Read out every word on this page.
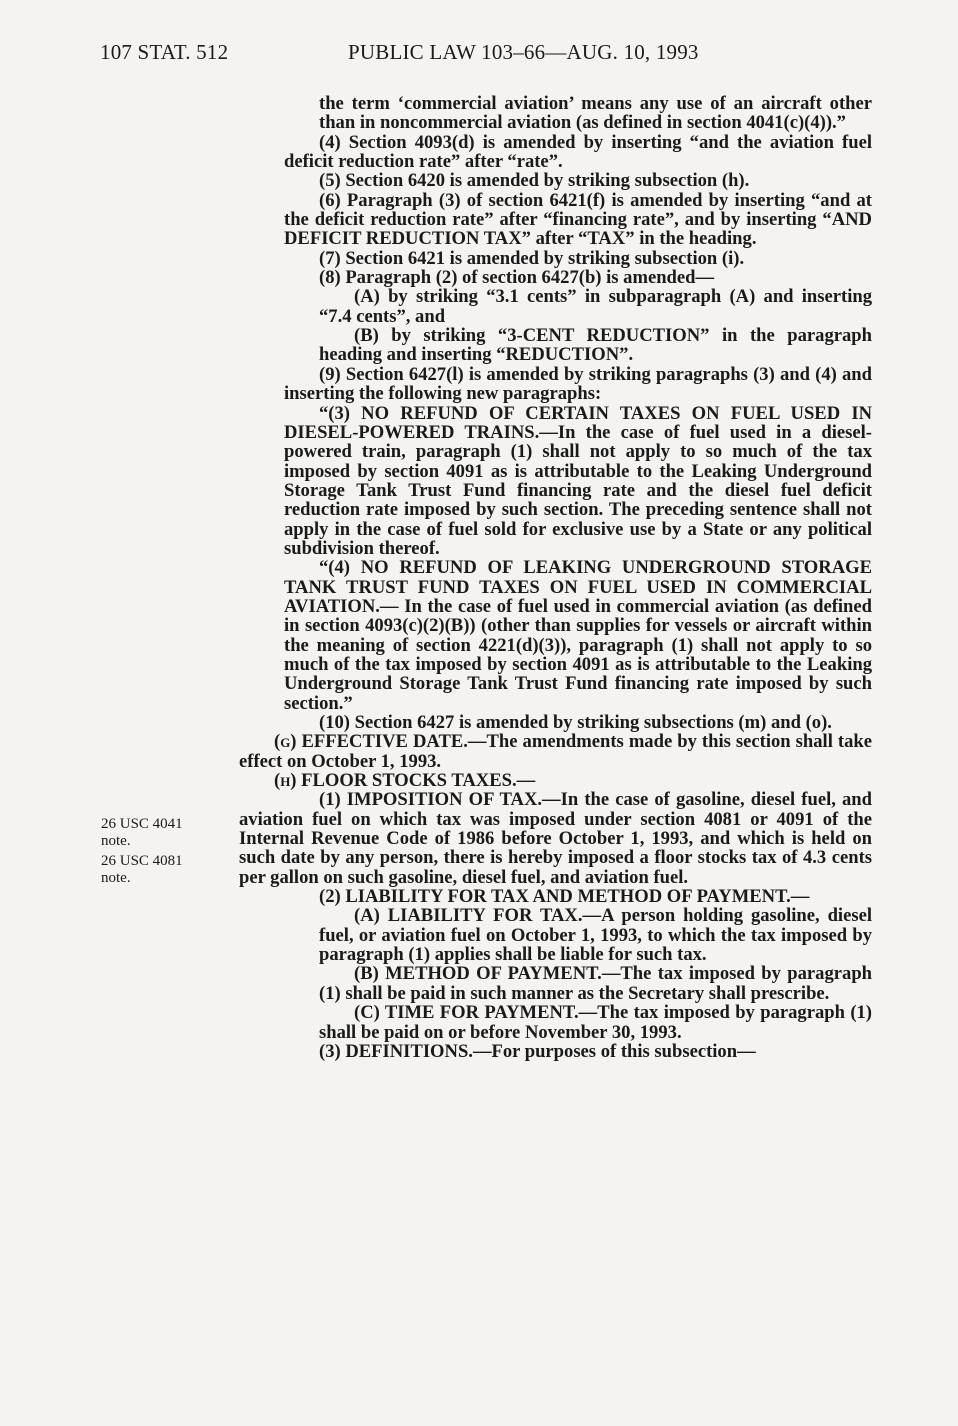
107 STAT. 512	PUBLIC LAW 103–66—AUG. 10, 1993
26 USC 4041
note.
26 USC 4081
note.

the term ‘commercial aviation’ means any use of an aircraft other than in noncommercial aviation (as defined in section 4041(c)(4)).”

(4) Section 4093(d) is amended by inserting “and the aviation fuel deficit reduction rate” after “rate”.

(5) Section 6420 is amended by striking subsection (h).

(6) Paragraph (3) of section 6421(f) is amended by inserting “and at the deficit reduction rate” after “financing rate”, and by inserting “AND DEFICIT REDUCTION TAX” after “TAX” in the heading.

(7) Section 6421 is amended by striking subsection (i).

(8) Paragraph (2) of section 6427(b) is amended—

(A) by striking “3.1 cents” in subparagraph (A) and inserting “7.4 cents”, and

(B) by striking “3-CENT REDUCTION” in the paragraph heading and inserting “REDUCTION”.

(9) Section 6427(l) is amended by striking paragraphs (3) and (4) and inserting the following new paragraphs:

“(3) NO REFUND OF CERTAIN TAXES ON FUEL USED IN DIESEL-POWERED TRAINS.—In the case of fuel used in a diesel-powered train, paragraph (1) shall not apply to so much of the tax imposed by section 4091 as is attributable to the Leaking Underground Storage Tank Trust Fund financing rate and the diesel fuel deficit reduction rate imposed by such section. The preceding sentence shall not apply in the case of fuel sold for exclusive use by a State or any political subdivision thereof.

“(4) NO REFUND OF LEAKING UNDERGROUND STORAGE TANK TRUST FUND TAXES ON FUEL USED IN COMMERCIAL AVIATION.— In the case of fuel used in commercial aviation (as defined in section 4093(c)(2)(B)) (other than supplies for vessels or aircraft within the meaning of section 4221(d)(3)), paragraph (1) shall not apply to so much of the tax imposed by section 4091 as is attributable to the Leaking Underground Storage Tank Trust Fund financing rate imposed by such section.”

(10) Section 6427 is amended by striking subsections (m) and (o).

(g) EFFECTIVE DATE.—The amendments made by this section shall take effect on October 1, 1993.

(h) FLOOR STOCKS TAXES.—

(1) IMPOSITION OF TAX.—In the case of gasoline, diesel fuel, and aviation fuel on which tax was imposed under section 4081 or 4091 of the Internal Revenue Code of 1986 before October 1, 1993, and which is held on such date by any person, there is hereby imposed a floor stocks tax of 4.3 cents per gallon on such gasoline, diesel fuel, and aviation fuel.

(2) LIABILITY FOR TAX AND METHOD OF PAYMENT.—

(A) LIABILITY FOR TAX.—A person holding gasoline, diesel fuel, or aviation fuel on October 1, 1993, to which the tax imposed by paragraph (1) applies shall be liable for such tax.

(B) METHOD OF PAYMENT.—The tax imposed by paragraph (1) shall be paid in such manner as the Secretary shall prescribe.

(C) TIME FOR PAYMENT.—The tax imposed by paragraph (1) shall be paid on or before November 30, 1993.

(3) DEFINITIONS.—For purposes of this subsection—
